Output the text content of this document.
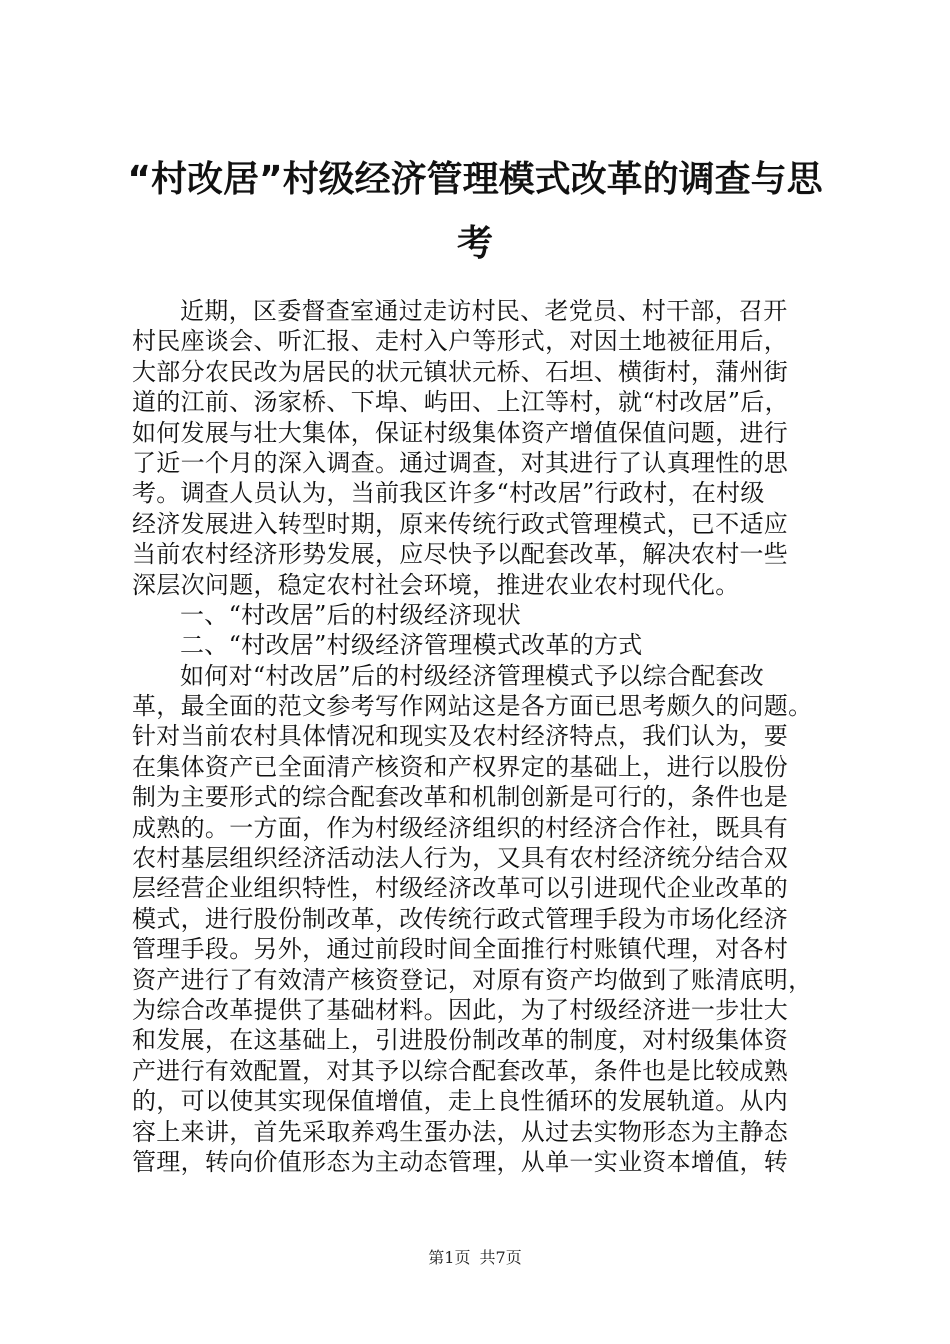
“村改居”村级经济管理模式改革的调查与思
考
近期，区委督查室通过走访村民、老党员、村干部，召开
村民座谈会、听汇报、走村入户等形式，对因土地被征用后，
大部分农民改为居民的状元镇状元桥、石坦、横街村，蒲州街
道的江前、汤家桥、下埠、屿田、上江等村，就“村改居”后，
如何发展与壮大集体，保证村级集体资产增值保值问题，进行
了近一个月的深入调查。通过调查，对其进行了认真理性的思
考。调查人员认为，当前我区许多“村改居”行政村，在村级
经济发展进入转型时期，原来传统行政式管理模式，已不适应
当前农村经济形势发展，应尽快予以配套改革，解决农村一些
深层次问题，稳定农村社会环境，推进农业农村现代化。
一、“村改居”后的村级经济现状
二、“村改居”村级经济管理模式改革的方式
如何对“村改居”后的村级经济管理模式予以综合配套改
革，最全面的范文参考写作网站这是各方面已思考颇久的问题。
针对当前农村具体情况和现实及农村经济特点，我们认为，要
在集体资产已全面清产核资和产权界定的基础上，进行以股份
制为主要形式的综合配套改革和机制创新是可行的，条件也是
成熟的。一方面，作为村级经济组织的村经济合作社，既具有
农村基层组织经济活动法人行为，又具有农村经济统分结合双
层经营企业组织特性，村级经济改革可以引进现代企业改革的
模式，进行股份制改革，改传统行政式管理手段为市场化经济
管理手段。另外，通过前段时间全面推行村账镇代理，对各村
资产进行了有效清产核资登记，对原有资产均做到了账清底明，
为综合改革提供了基础材料。因此，为了村级经济进一步壮大
和发展，在这基础上，引进股份制改革的制度，对村级集体资
产进行有效配置，对其予以综合配套改革，条件也是比较成熟
的，可以使其实现保值增值，走上良性循环的发展轨道。从内
容上来讲，首先采取养鸡生蛋办法，从过去实物形态为主静态
管理，转向价值形态为主动态管理，从单一实业资本增值，转
第1页 共7页
